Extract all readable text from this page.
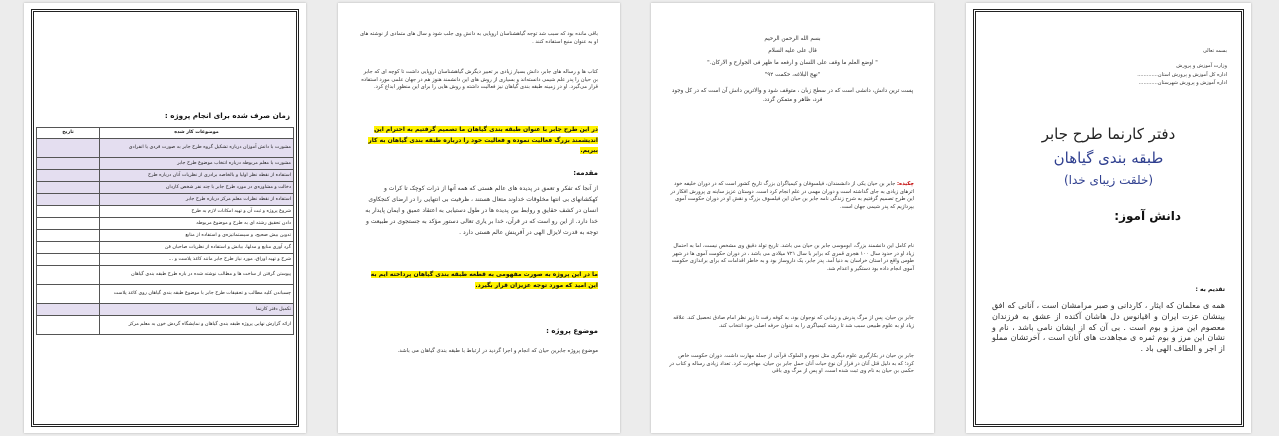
زمان صرف شده برای انجام پروژه :
موضوعات کار شده	تاریخ
مشورت با دانش آموزان درباره تشکیل گروه طرح جابر به صورت فردی یا انفرادی	
مشورت با معلم مربوطه درباره انتخاب موضوع طرح جابر	
استفاده از نقطه نظر اولیا و بالخاصه برادری از نظریات آنان درباره طرح	
دخالت و مشاوره‌ی در مورد طرح جابر با چند نفر شخص کاردان	
استفاده از نقطه نظرات معلم مرکز درباره طرح جابر	
شروع پروژه و ثبت آن و تهیه امکانات لازم به طرح	
دادن تحقیق رشته ای به طرح و موضوع مربوطه	
تدوین بیش صحیح، و سیستماتیزه‌ی و استفاده از منابع	
گرد آوری منابع و مدلها، بیانش و استفاده از نظریات صاحبان فن	
شرح و تهیه اوراق، مورد نیاز طرح جابر مانند کاغذ پلاست و ...	
پیوستن گرفتن از ساخت ها و مطالب نوشته شده در باره طرح طبقه بندی گیاهان	
چسباندن کلیه مطالب و تحقیقات طرح جابر با موضوع طبقه بندی گیاهان روی کاغذ پلاست	
تکمیل دفتر کارنما	
ارائه گزارش نهایی پروژه طبقه بندی گیاهان و نمایشگاه گردش خون به معلم مرکز	
باقی مانده بود که سبب شد توجه گیاهشناسان اروپایی به دانش وی جلب شود و سال های متمادی از نوشته های او به عنوان منبع استفاده کنند .
کتاب ها و رساله های جابر، دانش بسیار زیادی بر تعبیر دیگرش گیاهشناسان اروپایی داشت تا کوچه ای که جابر بن حیان را پدر علم شیمی دانسته‌اند و بسیاری از روش های این دانشمند هنوز هم در جهان علمی مورد استفاده قرار می‌گیرد. او در زمینه طبقه بندی گیاهان نیز فعالیت داشته و روش هایی را برای این منظور ابداع کرد.
در این طرح جابر با عنوان طبقه بندی گیاهان ما تصمیم گرفتیم به احترام این اندیشمند بزرگ فعالیت نموده و فعالیت خود را درباره طبقه بندی گیاهان به کار ببریم.
مقدمه:
از آنجا که تفکر و تعمق در پدیده های عالم هستی که همه آنها از ذرات کوچک تا کرات و کهکشانهای بی انتها مخلوقات خداوند متعال هستند ، ظرفیت بی انتهایی را در ارضای کنجکاوی انسان در کشف حقایق و روابط بین پدیده ها در طول دستیابی به اعتقاد عمیق و ایمان پایدار به خدا دارد. از این رو است که در قرآن، خدا بر یاری تعالی دستور مؤکد به جستجوی در طبیعت و توجه به قدرت لایزال الهی در آفرینش عالم هستی دارد .
ما در این پروژه به صورت مفهومی به قطعه طبقه بندی گیاهان پرداخته ایم به این امید که مورد توجه عزیزان قرار بگیرد.
موضوع پروژه :
موضوع پروژه جابرین حیان که انجام و اجرا گردید در ارتباط با طبقه بندی گیاهان می باشد.
بسم الله الرحمن الرحیم
قال علی علیه السلام
" اوضع العلم ما وقف علی اللسان و ارفعه ما ظهر فی الجوارح و الارکان."
"نهج البلاغه، حکمت ۹۲"
پست ترین دانش، دانشی است که در سطح زبان ، متوقف شود و والاترین دانش آن است که در کل وجود فرد، ظاهر و متمکن گردد.
چکیده: جابر بن حیان یکی از دانشمندان، فیلسوفان و کیمیاگران بزرگ تاریخ کشور است که در دوران خلیفه خود اثرهای زیادی به جای گذاشته است و دوران مهمی در علم انجام کرد است. دوستان عزیز ساینه ی پرورش افکار در این طرح تصمیم گرفتیم به شرح زندگی نامه جابر بن حیان این فیلسوف بزرگ و نقش او در دوران حکومت آموی بپردازیم که پدر شیمی جهان است.
نام کامل این دانشمند بزرگ، ابوموسی جابر بن حیان می باشد. تاریخ تولد دقیق وی مشخص نیست، اما به احتمال زیاد او در حدود سال ۱۰۰ هجری قمری که برابر با سال ۷۲۱ میلادی می باشد ، در دوران حکومت آموی ها در شهر طوس واقع در استان خراسان به دنیا آمد. پدر جابر، یک داروساز بود و به خاطر اقدامات که برای براندازی حکومت آموی انجام داده بود دستگیر و اعدام شد.
جابر بن حیان، پس از مرگ پدرش و زمانی که نوجوان بود، به کوفه رفت تا زیر نظر امام صادق تحصیل کند. علاقه زیاد او به علوم طبیعی سبب شد تا رشته کیمیاگری را به عنوان حرفه اصلی خود انتخاب کند.
جابر بن حیان در بکارگیری علوم دیگری مثل نجوم و الملوک قرآنی از جمله مهارت داشت. دوران حکومت خاص کرد؛ که به دلیل قتل آنان در فرار آن نوع حیات آنان حمل جابر بن حیان، مهاجرت کرد. تعداد زیادی رساله و کتاب در حکمی بن حیان به نام وی ثبت شده است، او پس از مرگ وی باقی
بسمه تعالی
وزارت آموزش و پرورش
اداره کل آموزش و پرورش استان.............
اداره آموزش و پرورش شهرستان............
دفتر کارنما طرح جابر
طبقه بندی گیاهان
(خلقت زیبای خدا)
دانش آموز:
تقدیم به :
همه ی معلمان که ایثار ، کاردانی و صبر مرامشان است ، آنانی که افق بینشان عزت ایران و اقیانوس دل هاشان آکنده از عشق به فرزندان معصوم این مرز و بوم است . بی آن که از ایشان نامی باشد ، نام و نشان این مرز و بوم ثمره ی مجاهدت های آنان است ، آخرتشان مملو از اجر و الطاف الهی باد .
